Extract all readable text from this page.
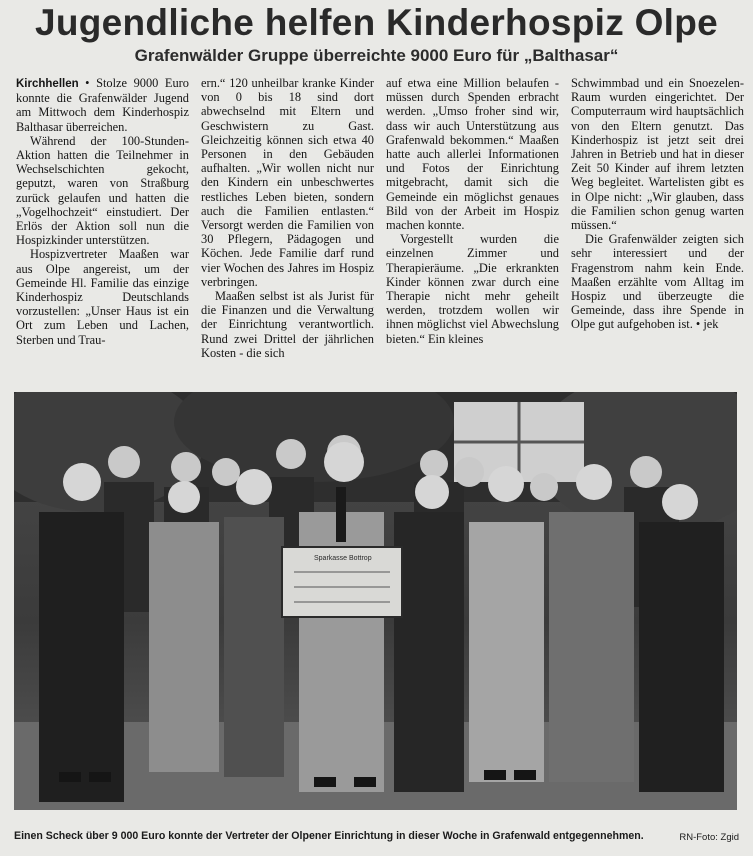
Jugendliche helfen Kinderhospiz Olpe
Grafenwälder Gruppe überreichte 9000 Euro für „Balthasar“

Kirchhellen • Stolze 9000 Euro konnte die Grafenwälder Jugend am Mittwoch dem Kinderhospiz Balthasar überreichen.

Während der 100-Stunden-Aktion hatten die Teilnehmer in Wechselschichten gekocht, geputzt, waren von Straßburg zurück gelaufen und hatten die „Vogelhochzeit“ einstudiert. Der Erlös der Aktion soll nun die Hospizkinder unterstützen.

Hospizvertreter Maaßen war aus Olpe angereist, um der Gemeinde Hl. Familie das einzige Kinderhospiz Deutschlands vorzustellen: „Unser Haus ist ein Ort zum Leben und Lachen, Sterben und Trau-

ern.“ 120 unheilbar kranke Kinder von 0 bis 18 sind dort abwechselnd mit Eltern und Geschwistern zu Gast. Gleichzeitig können sich etwa 40 Personen in den Gebäuden aufhalten. „Wir wollen nicht nur den Kindern ein unbeschwertes restliches Leben bieten, sondern auch die Familien entlasten.“ Versorgt werden die Familien von 30 Pflegern, Pädagogen und Köchen. Jede Familie darf rund vier Wochen des Jahres im Hospiz verbringen.

Maaßen selbst ist als Jurist für die Finanzen und die Verwaltung der Einrichtung verantwortlich. Rund zwei Drittel der jährlichen Kosten - die sich

auf etwa eine Million belaufen - müssen durch Spenden erbracht werden. „Umso froher sind wir, dass wir auch Unterstützung aus Grafenwald bekommen.“ Maaßen hatte auch allerlei Informationen und Fotos der Einrichtung mitgebracht, damit sich die Gemeinde ein möglichst genaues Bild von der Arbeit im Hospiz machen konnte.

Vorgestellt wurden die einzelnen Zimmer und Therapieräume. „Die erkrankten Kinder können zwar durch eine Therapie nicht mehr geheilt werden, trotzdem wollen wir ihnen möglichst viel Abwechslung bieten.“ Ein kleines

Schwimmbad und ein Snoezelen-Raum wurden eingerichtet. Der Computerraum wird hauptsächlich von den Eltern genutzt. Das Kinderhospiz ist jetzt seit drei Jahren in Betrieb und hat in dieser Zeit 50 Kinder auf ihrem letzten Weg begleitet. Wartelisten gibt es in Olpe nicht: „Wir glauben, dass die Familien schon genug warten müssen.“

Die Grafenwälder zeigten sich sehr interessiert und der Fragenstrom nahm kein Ende. Maaßen erzählte vom Alltag im Hospiz und überzeugte die Gemeinde, dass ihre Spende in Olpe gut aufgehoben ist. • jek

Sparkasse Bottrop
Einen Scheck über 9 000 Euro konnte der Vertreter der Olpener Einrichtung in dieser Woche in Grafenwald entgegennehmen.	RN-Foto: Zgid
